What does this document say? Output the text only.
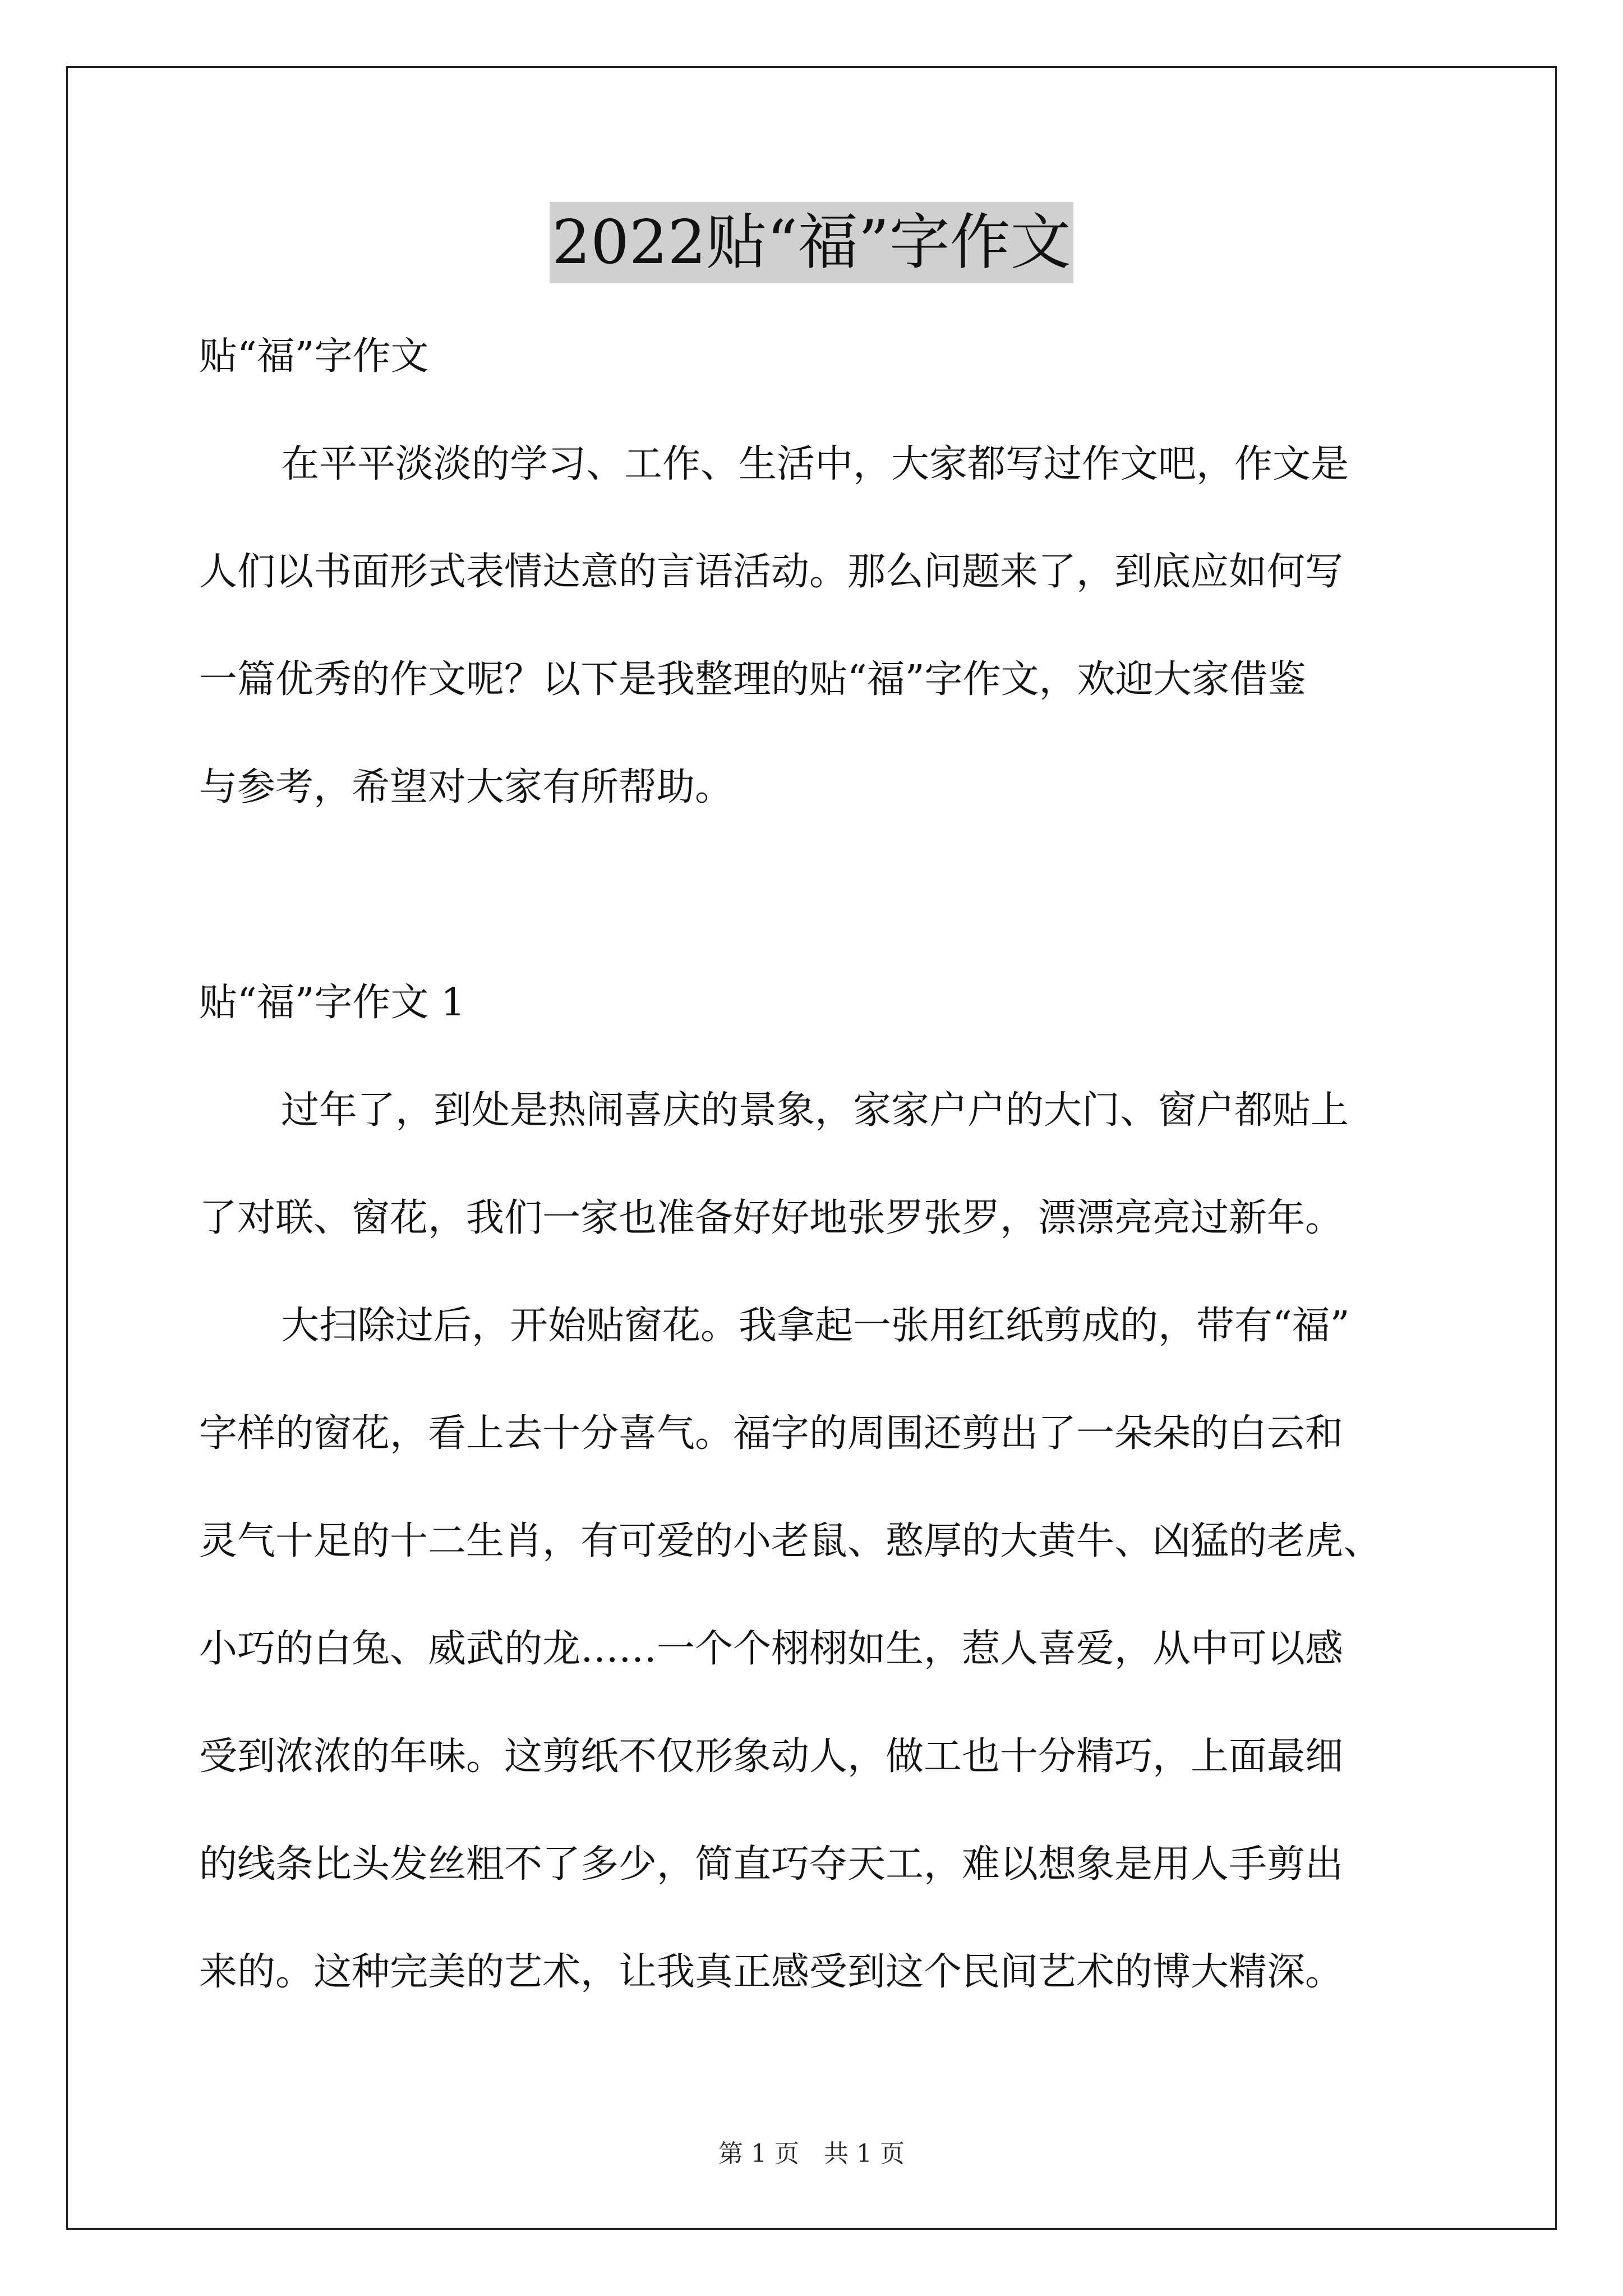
2022贴“福”字作文
贴“福”字作文
在平平淡淡的学习、工作、生活中，大家都写过作文吧，作文是
人们以书面形式表情达意的言语活动。那么问题来了，到底应如何写
一篇优秀的作文呢？以下是我整理的贴“福”字作文，欢迎大家借鉴
与参考，希望对大家有所帮助。
贴“福”字作文 1
过年了，到处是热闹喜庆的景象，家家户户的大门、窗户都贴上
了对联、窗花，我们一家也准备好好地张罗张罗，漂漂亮亮过新年。
大扫除过后，开始贴窗花。我拿起一张用红纸剪成的，带有“福”
字样的窗花，看上去十分喜气。福字的周围还剪出了一朵朵的白云和
灵气十足的十二生肖，有可爱的小老鼠、憨厚的大黄牛、凶猛的老虎、
小巧的白兔、威武的龙……一个个栩栩如生，惹人喜爱，从中可以感
受到浓浓的年味。这剪纸不仅形象动人，做工也十分精巧，上面最细
的线条比头发丝粗不了多少，简直巧夺天工，难以想象是用人手剪出
来的。这种完美的艺术，让我真正感受到这个民间艺术的博大精深。
第 1 页　共 1 页
